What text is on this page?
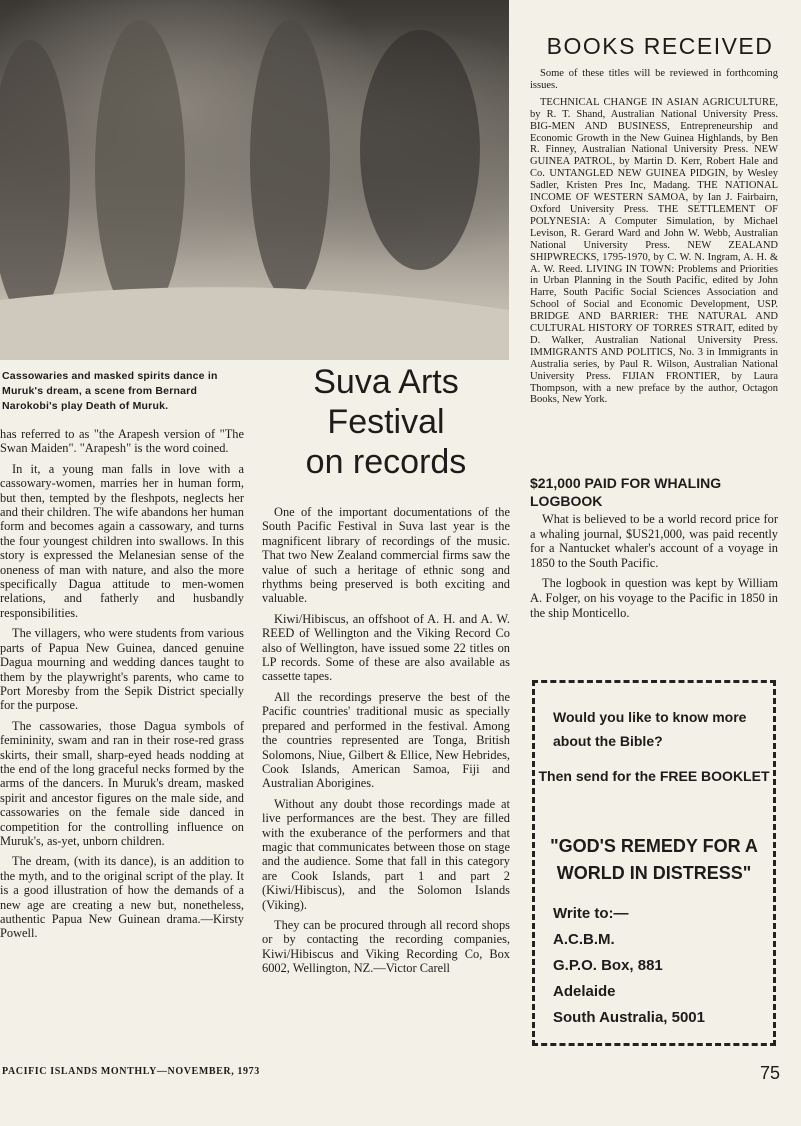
Cassowaries and masked spirits dance in Muruk's dream, a scene from Bernard Narokobi's play Death of Muruk.

has referred to as "the Arapesh version of "The Swan Maiden". "Arapesh" is the word coined.

In it, a young man falls in love with a cassowary-women, marries her in human form, but then, tempted by the fleshpots, neglects her and their children. The wife abandons her human form and becomes again a cassowary, and turns the four youngest children into swallows. In this story is expressed the Melanesian sense of the oneness of man with nature, and also the more specifically Dagua attitude to men-women relations, and fatherly and husbandly responsibilities.

The villagers, who were students from various parts of Papua New Guinea, danced genuine Dagua mourning and wedding dances taught to them by the playwright's parents, who came to Port Moresby from the Sepik District specially for the purpose.

The cassowaries, those Dagua symbols of femininity, swam and ran in their rose-red grass skirts, their small, sharp-eyed heads nodding at the end of the long graceful necks formed by the arms of the dancers. In Muruk's dream, masked spirit and ancestor figures on the male side, and cassowaries on the female side danced in competition for the controlling influence on Muruk's, as-yet, unborn children.

The dream, (with its dance), is an addition to the myth, and to the original script of the play. It is a good illustration of how the demands of a new age are creating a new but, nonetheless, authentic Papua New Guinean drama.—Kirsty Powell.

Suva Arts
Festival
on records

One of the important documentations of the South Pacific Festival in Suva last year is the magnificent library of recordings of the music. That two New Zealand commercial firms saw the value of such a heritage of ethnic song and rhythms being preserved is both exciting and valuable.

Kiwi/Hibiscus, an offshoot of A. H. and A. W. REED of Wellington and the Viking Record Co also of Wellington, have issued some 22 titles on LP records. Some of these are also available as cassette tapes.

All the recordings preserve the best of the Pacific countries' traditional music as specially prepared and performed in the festival. Among the countries represented are Tonga, British Solomons, Niue, Gilbert & Ellice, New Hebrides, Cook Islands, American Samoa, Fiji and Australian Aborigines.

Without any doubt those recordings made at live performances are the best. They are filled with the exuberance of the performers and that magic that communicates between those on stage and the audience. Some that fall in this category are Cook Islands, part 1 and part 2 (Kiwi/Hibiscus), and the Solomon Islands (Viking).

They can be procured through all record shops or by contacting the recording companies, Kiwi/Hibiscus and Viking Recording Co, Box 6002, Wellington, NZ.—Victor Carell

BOOKS RECEIVED

Some of these titles will be reviewed in forthcoming issues.

TECHNICAL CHANGE IN ASIAN AGRICULTURE, by R. T. Shand, Australian National University Press. BIG-MEN AND BUSINESS, Entrepreneurship and Economic Growth in the New Guinea Highlands, by Ben R. Finney, Australian National University Press. NEW GUINEA PATROL, by Martin D. Kerr, Robert Hale and Co. UNTANGLED NEW GUINEA PIDGIN, by Wesley Sadler, Kristen Pres Inc, Madang. THE NATIONAL INCOME OF WESTERN SAMOA, by Ian J. Fairbairn, Oxford University Press. THE SETTLEMENT OF POLYNESIA: A Computer Simulation, by Michael Levison, R. Gerard Ward and John W. Webb, Australian National University Press. NEW ZEALAND SHIPWRECKS, 1795-1970, by C. W. N. Ingram, A. H. & A. W. Reed. LIVING IN TOWN: Problems and Priorities in Urban Planning in the South Pacific, edited by John Harre, South Pacific Social Sciences Association and School of Social and Economic Development, USP. BRIDGE AND BARRIER: THE NATURAL AND CULTURAL HISTORY OF TORRES STRAIT, edited by D. Walker, Australian National University Press. IMMIGRANTS AND POLITICS, No. 3 in Immigrants in Australia series, by Paul R. Wilson, Australian National University Press. FIJIAN FRONTIER, by Laura Thompson, with a new preface by the author, Octagon Books, New York.

$21,000 PAID FOR WHALING LOGBOOK

What is believed to be a world record price for a whaling journal, $US21,000, was paid recently for a Nantucket whaler's account of a voyage in 1850 to the South Pacific.

The logbook in question was kept by William A. Folger, on his voyage to the Pacific in 1850 in the ship Monticello.

Would you like to know more about the Bible?
Then send for the FREE BOOKLET
"GOD'S REMEDY FOR A WORLD IN DISTRESS"
Write to:—
A.C.B.M.
G.P.O. Box, 881
Adelaide
South Australia, 5001
PACIFIC ISLANDS MONTHLY—NOVEMBER, 1973	75
